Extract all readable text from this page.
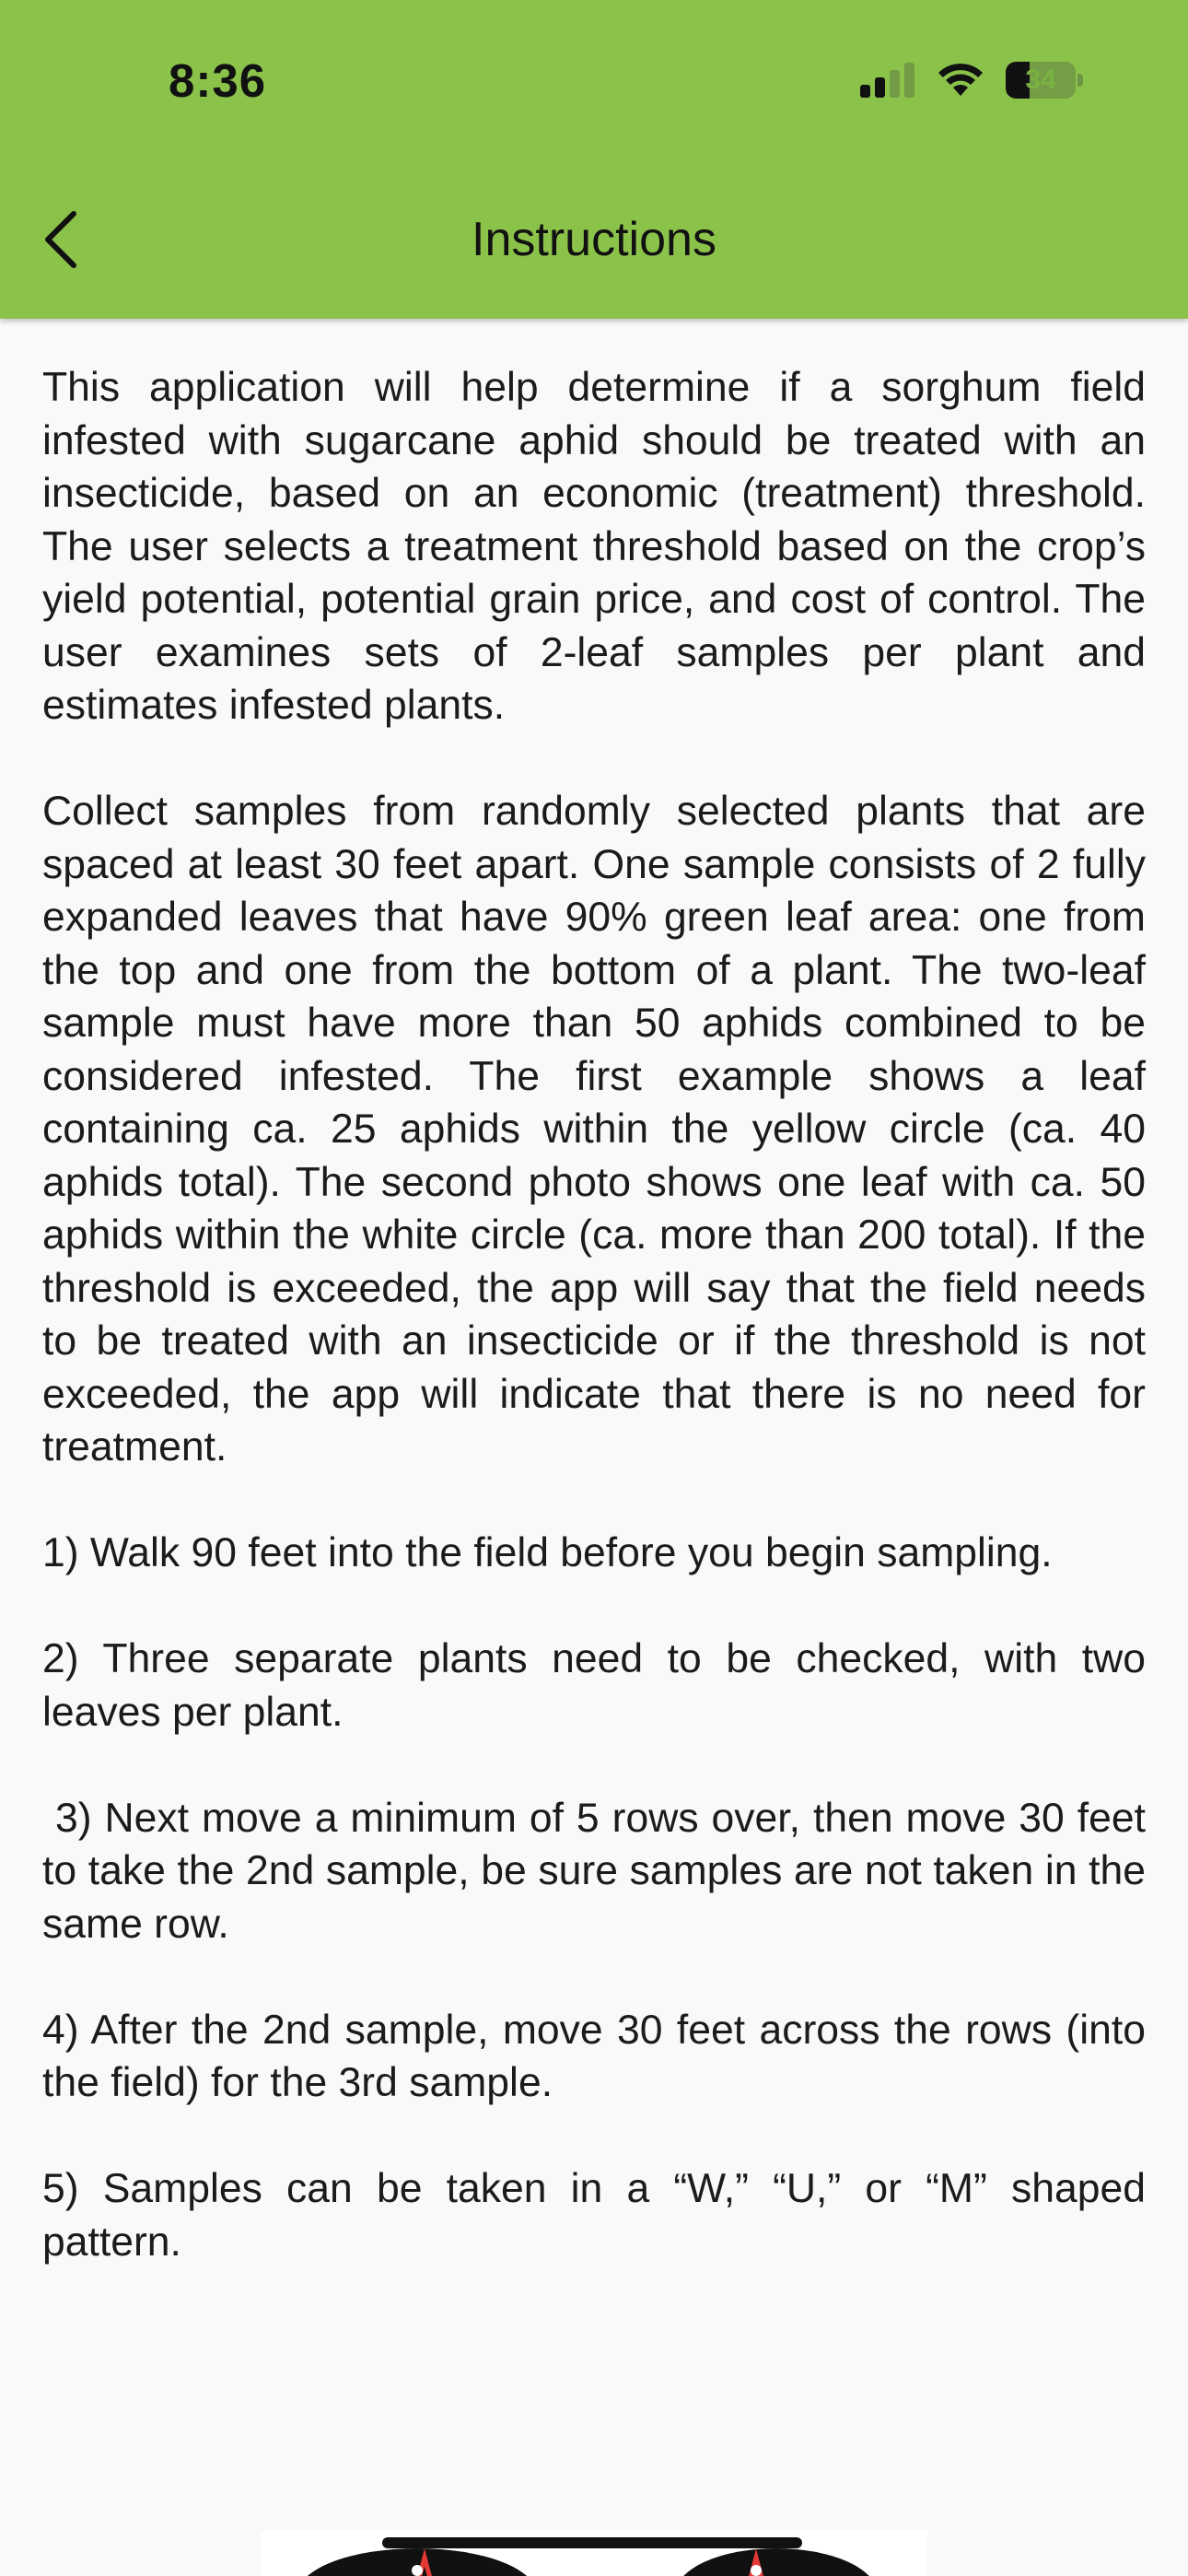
8:36	34
Instructions

This application will help determine if a sorghum field infested with sugarcane aphid should be treated with an insecticide, based on an economic (treatment) threshold. The user selects a treatment threshold based on the crop’s yield potential, potential grain price, and cost of control. The user examines sets of 2-leaf samples per plant and estimates infested plants.

Collect samples from randomly selected plants that are spaced at least 30 feet apart. One sample consists of 2 fully expanded leaves that have 90% green leaf area: one from the top and one from the bottom of a plant. The two-leaf sample must have more than 50 aphids combined to be considered infested. The first example shows a leaf containing ca. 25 aphids within the yellow circle (ca. 40 aphids total). The second photo shows one leaf with ca. 50 aphids within the white circle (ca. more than 200 total). If the threshold is exceeded, the app will say that the field needs to be treated with an insecticide or if the threshold is not exceeded, the app will indicate that there is no need for treatment.

1) Walk 90 feet into the field before you begin sampling.

2) Three separate plants need to be checked, with two leaves per plant.

3) Next move a minimum of 5 rows over, then move 30 feet to take the 2nd sample, be sure samples are not taken in the same row.

4) After the 2nd sample, move 30 feet across the rows (into the field) for the 3rd sample.

5) Samples can be taken in a “W,” “U,” or “M” shaped pattern.
